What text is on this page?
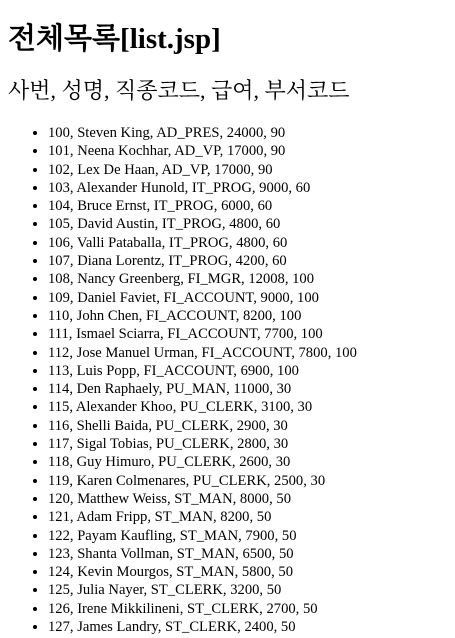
전체목록[list.jsp]
사번, 성명, 직종코드, 급여, 부서코드
• 100, Steven King, AD_PRES, 24000, 90
• 101, Neena Kochhar, AD_VP, 17000, 90
• 102, Lex De Haan, AD_VP, 17000, 90
• 103, Alexander Hunold, IT_PROG, 9000, 60
• 104, Bruce Ernst, IT_PROG, 6000, 60
• 105, David Austin, IT_PROG, 4800, 60
• 106, Valli Pataballa, IT_PROG, 4800, 60
• 107, Diana Lorentz, IT_PROG, 4200, 60
• 108, Nancy Greenberg, FI_MGR, 12008, 100
• 109, Daniel Faviet, FI_ACCOUNT, 9000, 100
• 110, John Chen, FI_ACCOUNT, 8200, 100
• 111, Ismael Sciarra, FI_ACCOUNT, 7700, 100
• 112, Jose Manuel Urman, FI_ACCOUNT, 7800, 100
• 113, Luis Popp, FI_ACCOUNT, 6900, 100
• 114, Den Raphaely, PU_MAN, 11000, 30
• 115, Alexander Khoo, PU_CLERK, 3100, 30
• 116, Shelli Baida, PU_CLERK, 2900, 30
• 117, Sigal Tobias, PU_CLERK, 2800, 30
• 118, Guy Himuro, PU_CLERK, 2600, 30
• 119, Karen Colmenares, PU_CLERK, 2500, 30
• 120, Matthew Weiss, ST_MAN, 8000, 50
• 121, Adam Fripp, ST_MAN, 8200, 50
• 122, Payam Kaufling, ST_MAN, 7900, 50
• 123, Shanta Vollman, ST_MAN, 6500, 50
• 124, Kevin Mourgos, ST_MAN, 5800, 50
• 125, Julia Nayer, ST_CLERK, 3200, 50
• 126, Irene Mikkilineni, ST_CLERK, 2700, 50
• 127, James Landry, ST_CLERK, 2400, 50
